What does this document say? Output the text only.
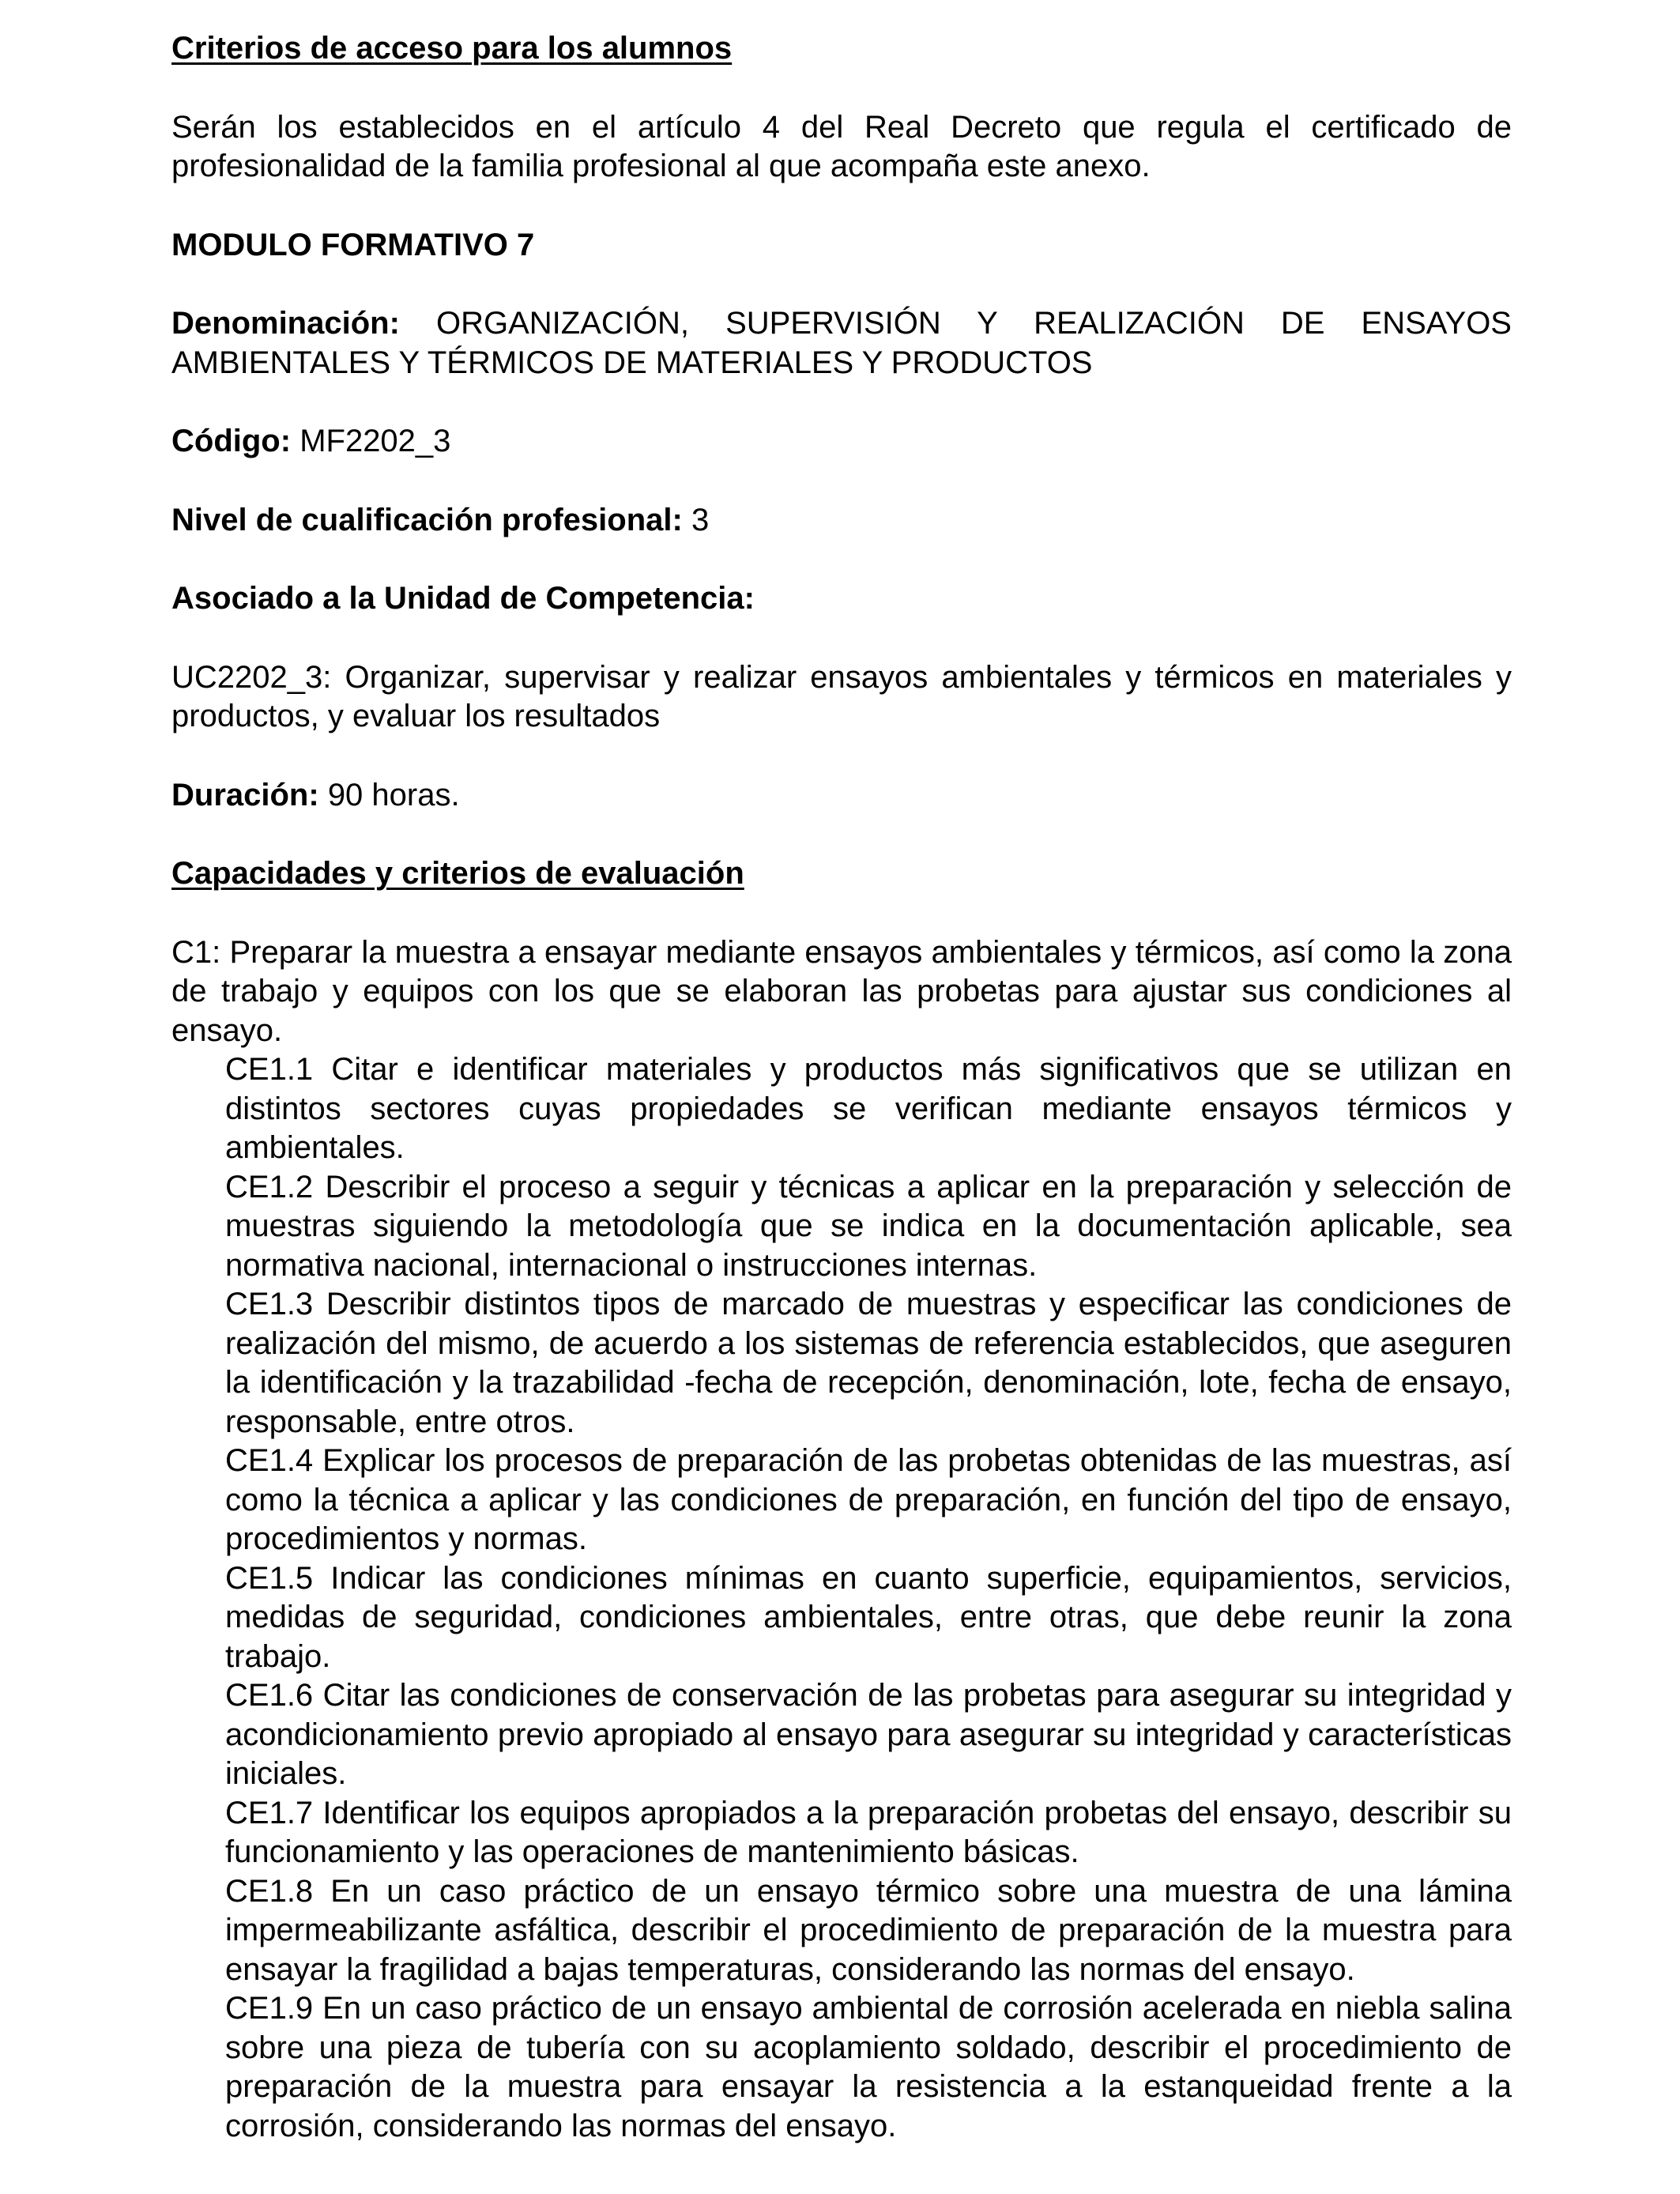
Criterios de acceso para los alumnos
Serán los establecidos en el artículo 4 del Real Decreto que regula el certificado de profesionalidad de la familia profesional al que acompaña este anexo.
MODULO FORMATIVO 7
Denominación: ORGANIZACIÓN, SUPERVISIÓN Y REALIZACIÓN DE ENSAYOS AMBIENTALES Y TÉRMICOS DE MATERIALES Y PRODUCTOS
Código: MF2202_3
Nivel de cualificación profesional: 3
Asociado a la Unidad de Competencia:
UC2202_3: Organizar, supervisar y realizar ensayos ambientales y térmicos en materiales y productos, y evaluar los resultados
Duración: 90 horas.
Capacidades y criterios de evaluación
C1: Preparar la muestra a ensayar mediante ensayos ambientales y térmicos, así como la zona de trabajo y equipos con los que se elaboran las probetas para ajustar sus condiciones al ensayo.
CE1.1 Citar e identificar materiales y productos más significativos que se utilizan en distintos sectores cuyas propiedades se verifican mediante ensayos térmicos y ambientales.
CE1.2 Describir el proceso a seguir y técnicas a aplicar en la preparación y selección de muestras siguiendo la metodología que se indica en la documentación aplicable, sea normativa nacional, internacional o instrucciones internas.
CE1.3 Describir distintos tipos de marcado de muestras y especificar las condiciones de realización del mismo, de acuerdo a los sistemas de referencia establecidos, que aseguren la identificación y la trazabilidad -fecha de recepción, denominación, lote, fecha de ensayo, responsable, entre otros.
CE1.4 Explicar los procesos de preparación de las probetas obtenidas de las muestras, así como la técnica a aplicar y las condiciones de preparación, en función del tipo de ensayo, procedimientos y normas.
CE1.5 Indicar las condiciones mínimas en cuanto superficie, equipamientos, servicios, medidas de seguridad, condiciones ambientales, entre otras, que debe reunir la zona trabajo.
CE1.6 Citar las condiciones de conservación de las probetas para asegurar su integridad y acondicionamiento previo apropiado al ensayo para asegurar su integridad y características iniciales.
CE1.7 Identificar los equipos apropiados a la preparación probetas del ensayo, describir su funcionamiento y las operaciones de mantenimiento básicas.
CE1.8 En un caso práctico de un ensayo térmico sobre una muestra de una lámina impermeabilizante asfáltica, describir el procedimiento de preparación de la muestra para ensayar la fragilidad a bajas temperaturas, considerando las normas del ensayo.
CE1.9 En un caso práctico de un ensayo ambiental de corrosión acelerada en niebla salina sobre una pieza de tubería con su acoplamiento soldado, describir el procedimiento de preparación de la muestra para ensayar la resistencia a la estanqueidad frente a la corrosión, considerando las normas del ensayo.
